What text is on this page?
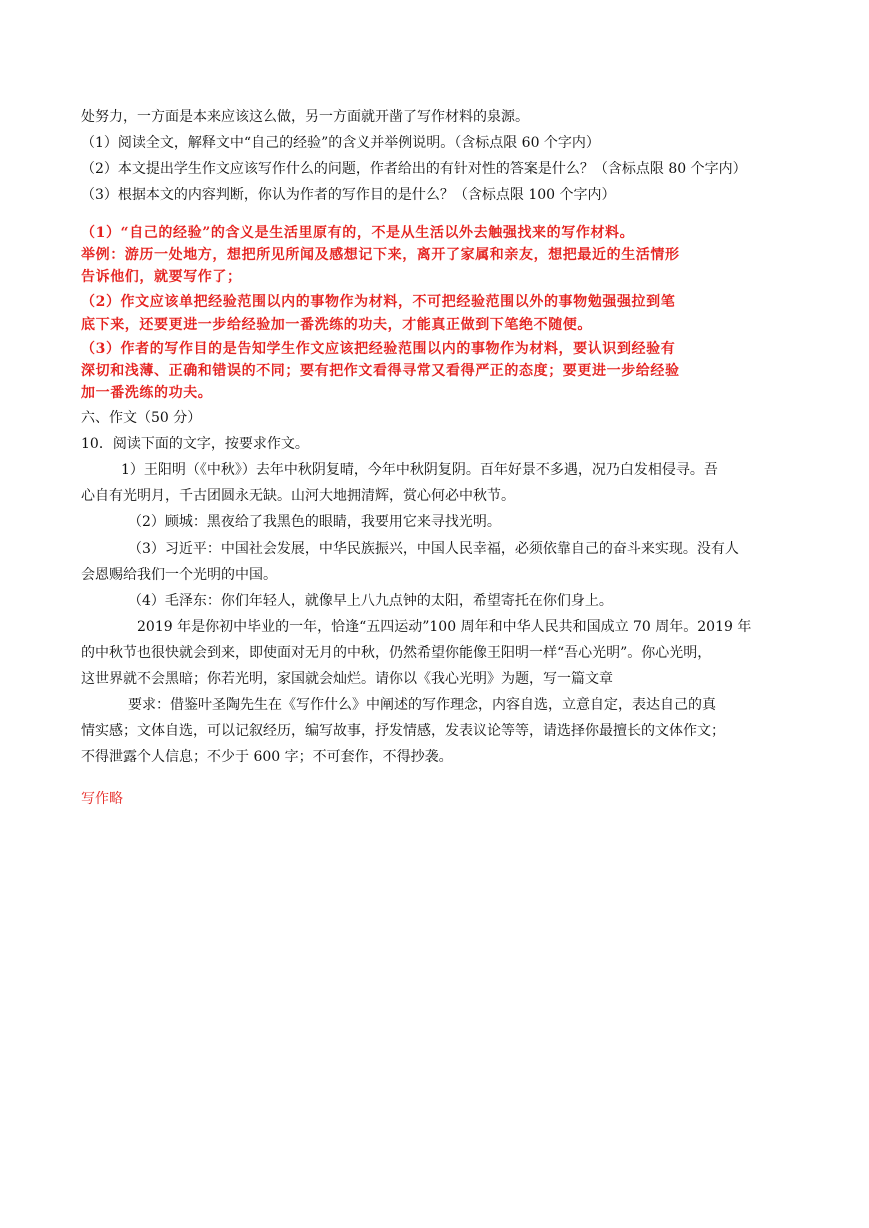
处努力，一方面是本来应该这么做，另一方面就开凿了写作材料的泉源。
（1）阅读全文，解释文中“自己的经验”的含义并举例说明。（含标点限 60 个字内）
（2）本文提出学生作文应该写作什么的问题，作者给出的有针对性的答案是什么？（含标点限 80 个字内）
（3）根据本文的内容判断，你认为作者的写作目的是什么？（含标点限 100 个字内）
（1）“自己的经验”的含义是生活里原有的，不是从生活以外去触强找来的写作材料。
举例：游历一处地方，想把所见所闻及感想记下来，离开了家属和亲友，想把最近的生活情形
告诉他们，就要写作了；
（2）作文应该单把经验范围以内的事物作为材料，不可把经验范围以外的事物勉强强拉到笔
底下来，还要更进一步给经验加一番洗练的功夫，才能真正做到下笔绝不随便。
（3）作者的写作目的是告知学生作文应该把经验范围以内的事物作为材料，要认识到经验有
深切和浅薄、正确和错误的不同；要有把作文看得寻常又看得严正的态度；要更进一步给经验
加一番洗练的功夫。
六、作文（50 分）
10．阅读下面的文字，按要求作文。
1）王阳明（《中秋》）去年中秋阴复晴，今年中秋阴复阴。百年好景不多遇，况乃白发相侵寻。吾
心自有光明月，千古团圆永无缺。山河大地拥清辉，赏心何必中秋节。
（2）顾城：黑夜给了我黑色的眼睛，我要用它来寻找光明。
（3）习近平：中国社会发展，中华民族振兴，中国人民幸福，必须依靠自己的奋斗来实现。没有人
会恩赐给我们一个光明的中国。
（4）毛泽东：你们年轻人，就像早上八九点钟的太阳，希望寄托在你们身上。
2019 年是你初中毕业的一年，恰逢“五四运动”100 周年和中华人民共和国成立 70 周年。2019 年
的中秋节也很快就会到来，即使面对无月的中秋，仍然希望你能像王阳明一样“吾心光明”。你心光明，
这世界就不会黑暗；你若光明，家国就会灿烂。请你以《我心光明》为题，写一篇文章
要求：借鉴叶圣陶先生在《写作什么》中阐述的写作理念，内容自选，立意自定，表达自己的真
情实感；文体自选，可以记叙经历，编写故事，抒发情感，发表议论等等，请选择你最擅长的文体作文；
不得泄露个人信息；不少于 600 字；不可套作，不得抄袭。
写作略
